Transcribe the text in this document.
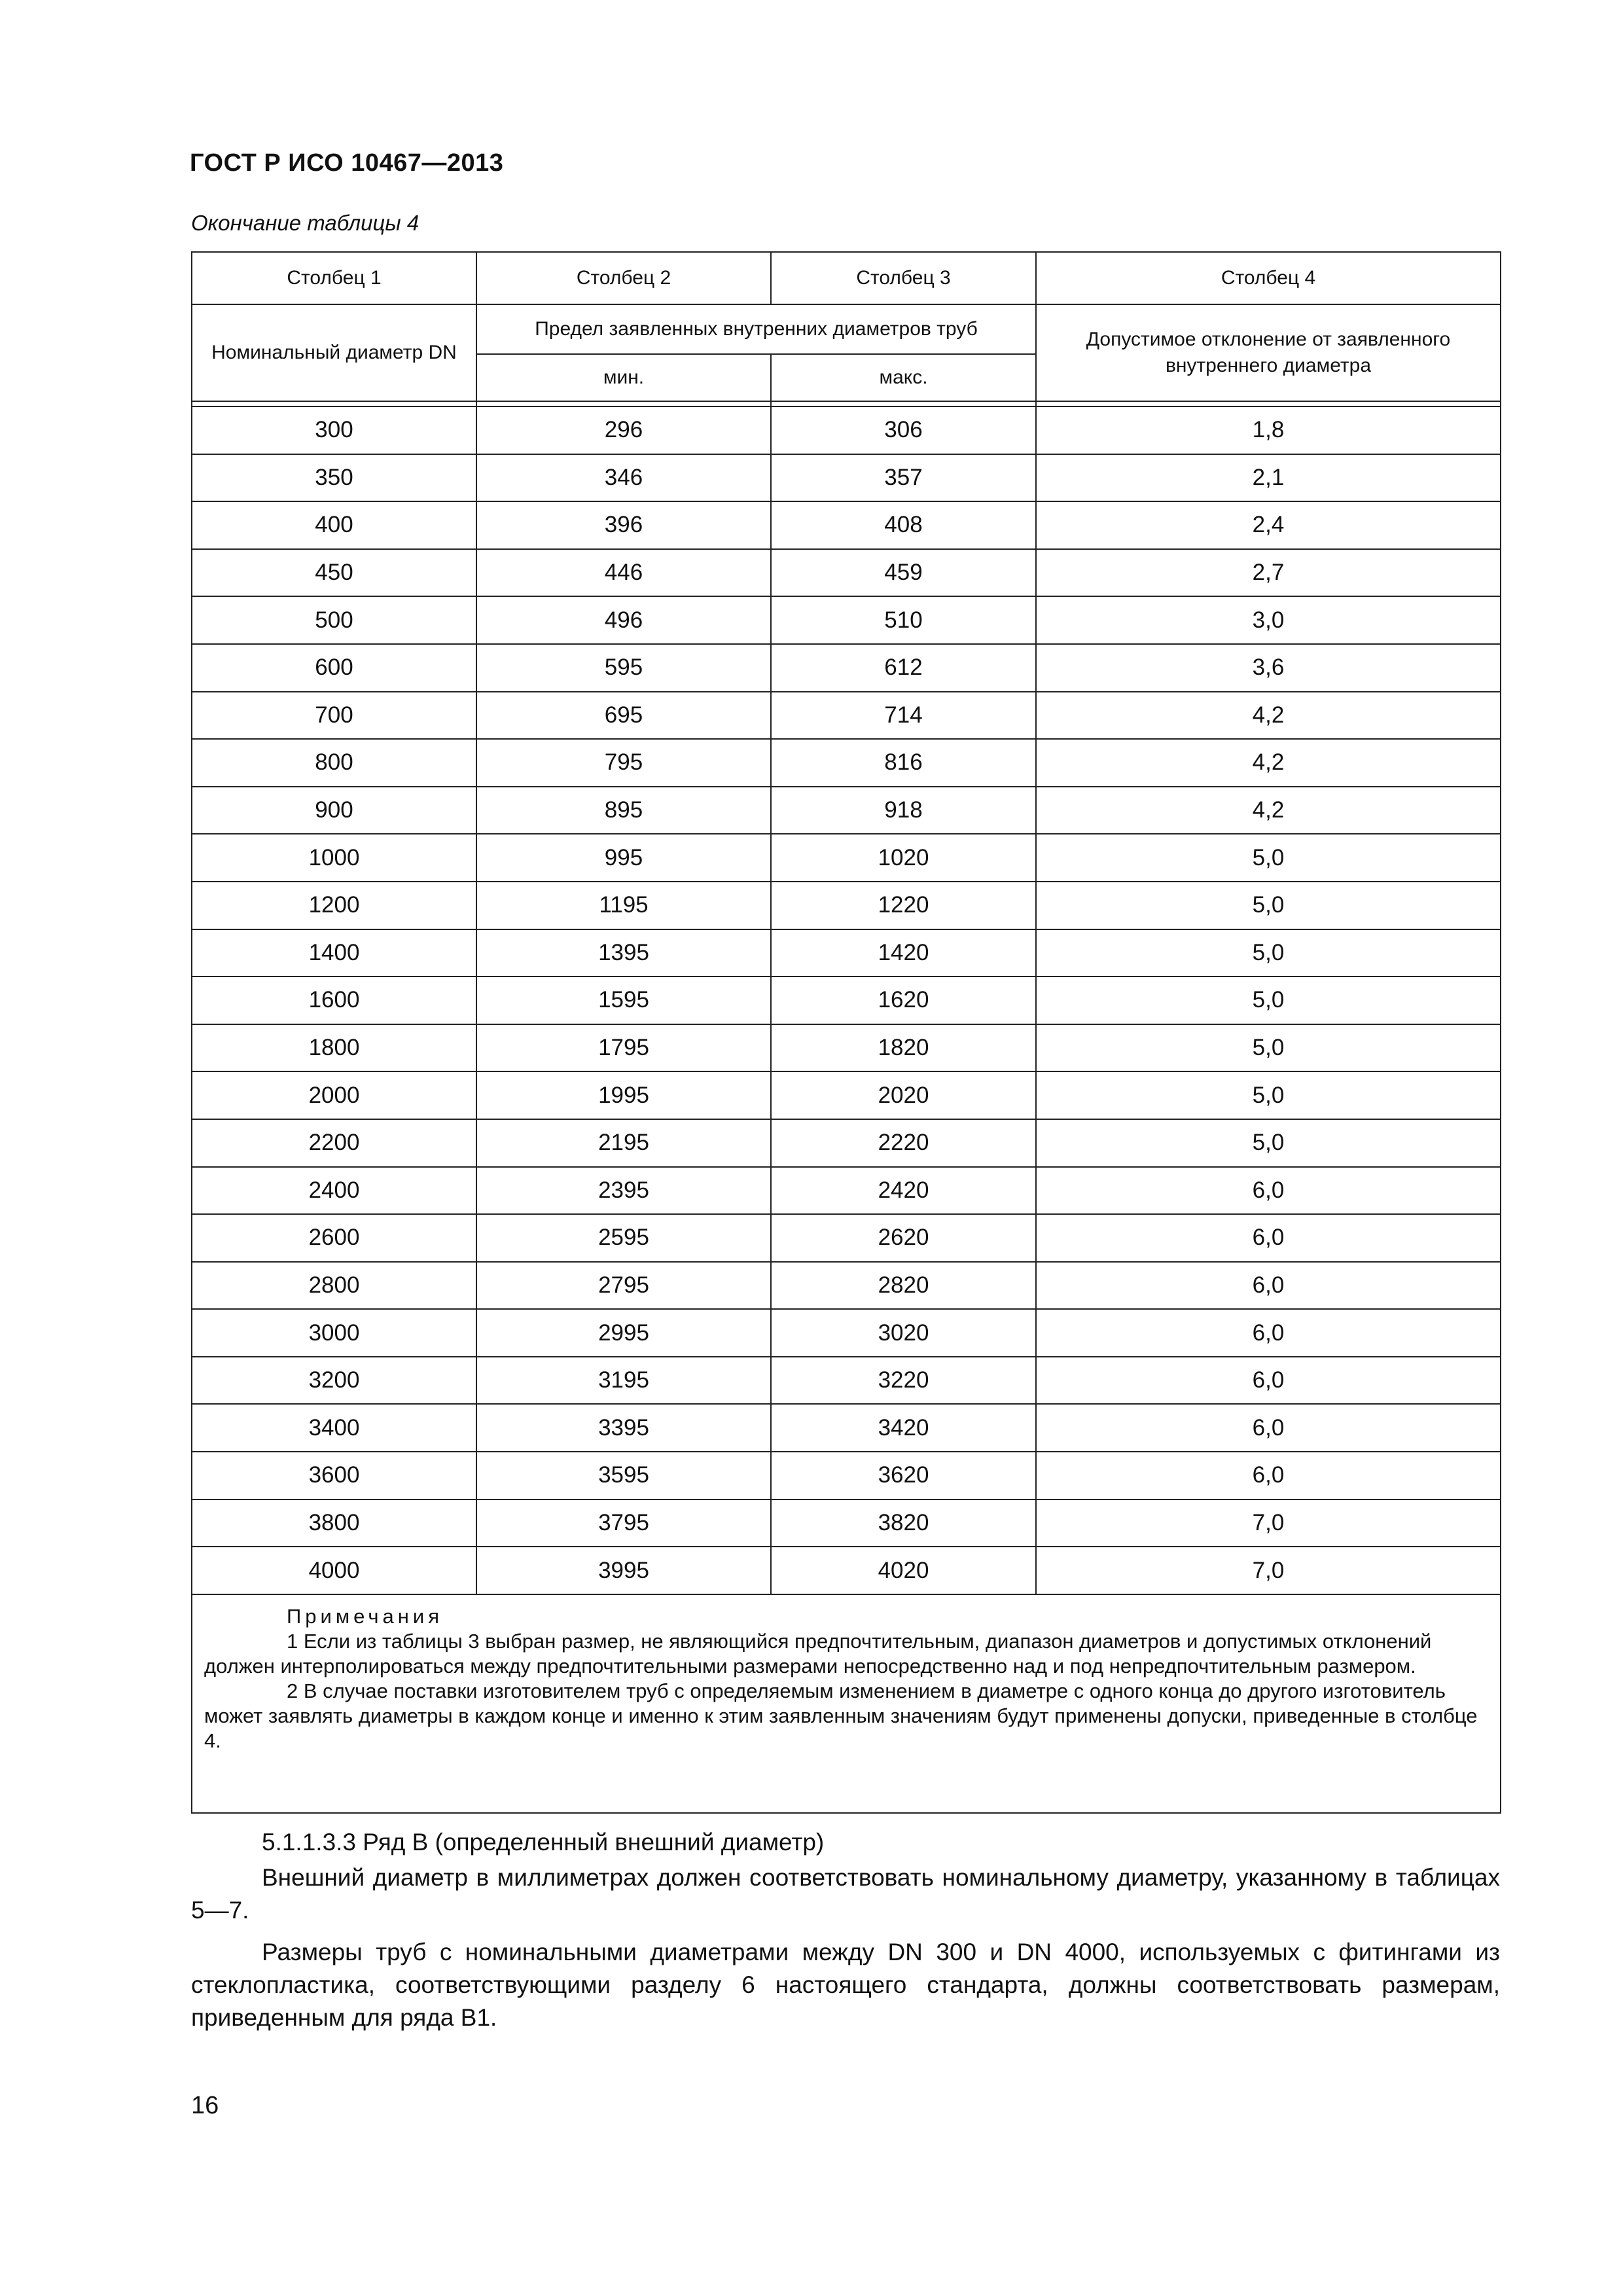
ГОСТ Р ИСО 10467—2013
Окончание таблицы 4
Столбец 1	Столбец 2	Столбец 3	Столбец 4
Номинальный диаметр DN	Предел заявленных внутренних диаметров труб		Допустимое отклонение от заявленного внутреннего диаметра
	мин.	макс.	

300	296	306	1,8
350	346	357	2,1
400	396	408	2,4
450	446	459	2,7
500	496	510	3,0
600	595	612	3,6
700	695	714	4,2
800	795	816	4,2
900	895	918	4,2
1000	995	1020	5,0
1200	1195	1220	5,0
1400	1395	1420	5,0
1600	1595	1620	5,0
1800	1795	1820	5,0
2000	1995	2020	5,0
2200	2195	2220	5,0
2400	2395	2420	6,0
2600	2595	2620	6,0
2800	2795	2820	6,0
3000	2995	3020	6,0
3200	3195	3220	6,0
3400	3395	3420	6,0
3600	3595	3620	6,0
3800	3795	3820	7,0
4000	3995	4020	7,0

Примечания
1 Если из таблицы 3 выбран размер, не являющийся предпочтительным, диапазон диаметров и допустимых отклонений должен интерполироваться между предпочтительными размерами непосредственно над и под непредпочтительным размером.
2 В случае поставки изготовителем труб с определяемым изменением в диаметре с одного конца до другого изготовитель может заявлять диаметры в каждом конце и именно к этим заявленным значениям будут применены допуски, приведенные в столбце 4.			

5.1.1.3.3 Ряд В (определенный внешний диаметр)

Внешний диаметр в миллиметрах должен соответствовать номинальному диаметру, указанному в таблицах 5—7.

Размеры труб с номинальными диаметрами между DN 300 и DN 4000, используемых с фитингами из стеклопластика, соответствующими разделу 6 настоящего стандарта, должны соответствовать размерам, приведенным для ряда В1.

16
